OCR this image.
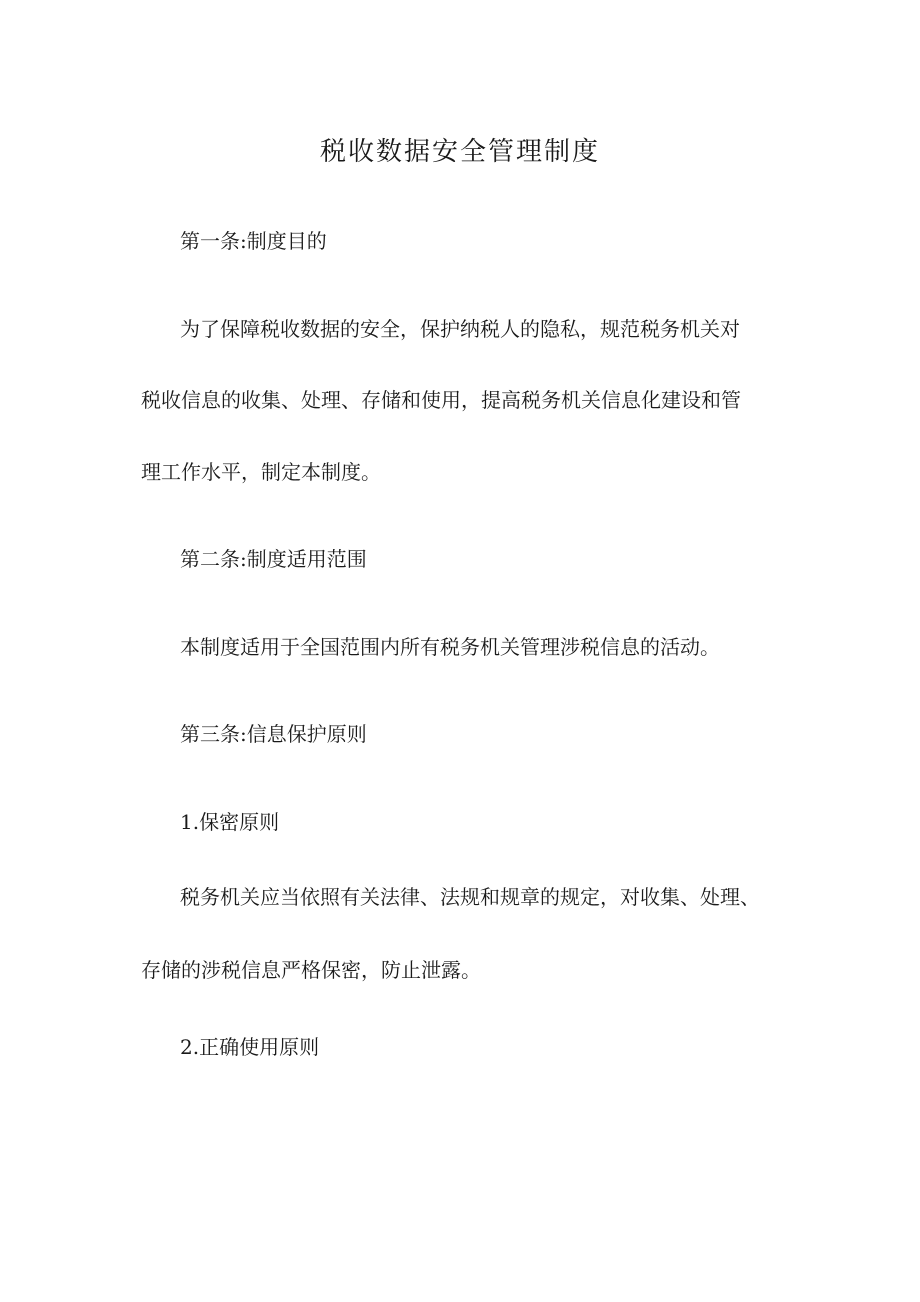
税收数据安全管理制度
第一条:制度目的
为了保障税收数据的安全，保护纳税人的隐私，规范税务机关对
税收信息的收集、处理、存储和使用，提高税务机关信息化建设和管
理工作水平，制定本制度。
第二条:制度适用范围
本制度适用于全国范围内所有税务机关管理涉税信息的活动。
第三条:信息保护原则
1.保密原则
税务机关应当依照有关法律、法规和规章的规定，对收集、处理、
存储的涉税信息严格保密，防止泄露。
2.正确使用原则
